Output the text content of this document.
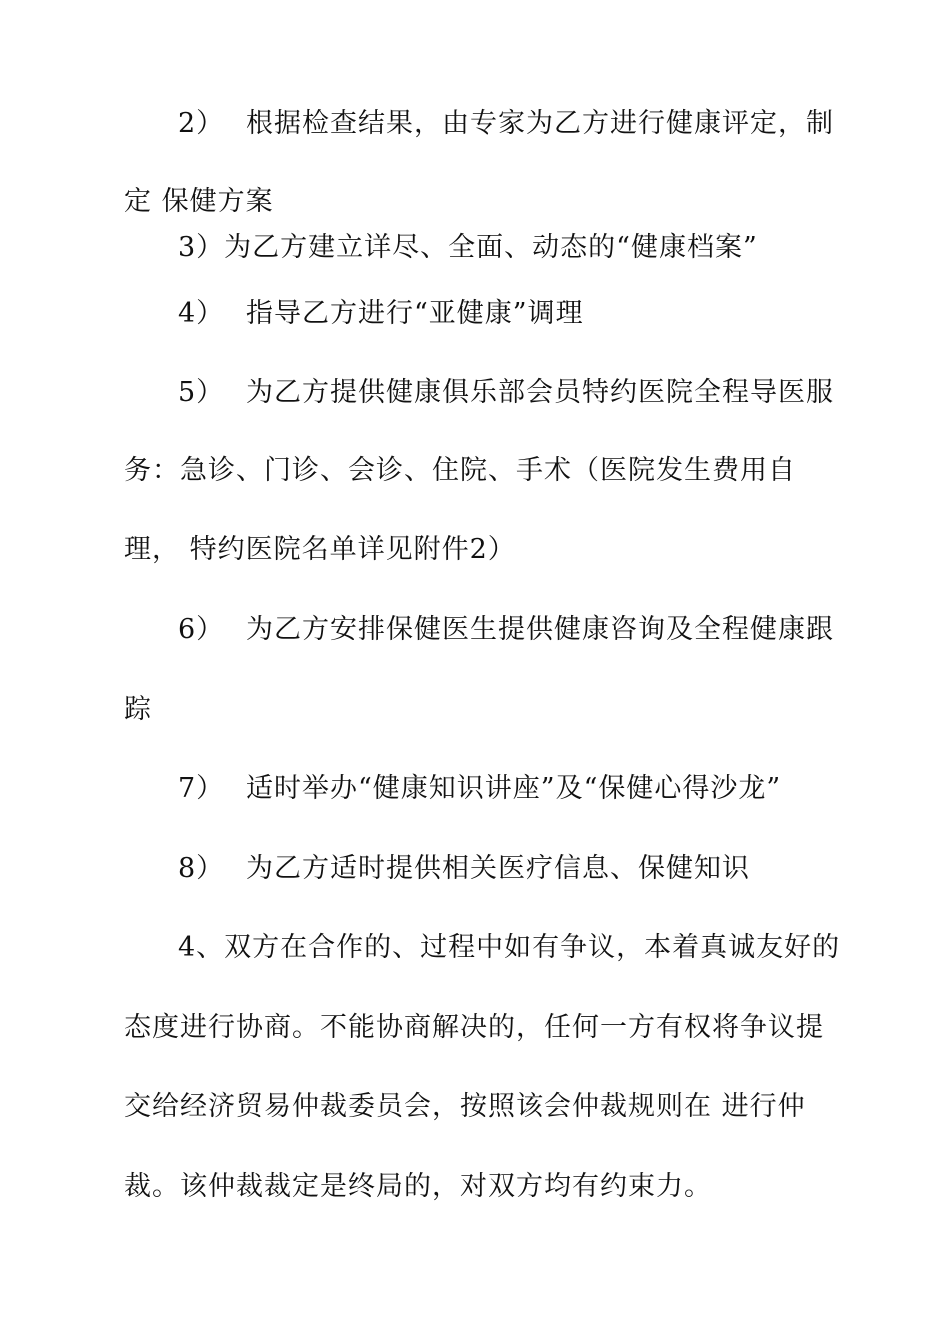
2） 根据检查结果，由专家为乙方进行健康评定，制
定 保健方案
3）为乙方建立详尽、全面、动态的“健康档案”
4） 指导乙方进行“亚健康”调理
5） 为乙方提供健康俱乐部会员特约医院全程导医服
务：急诊、门诊、会诊、住院、手术（医院发生费用自
理， 特约医院名单详见附件2）
6） 为乙方安排保健医生提供健康咨询及全程健康跟
踪
7） 适时举办“健康知识讲座”及“保健心得沙龙”
8） 为乙方适时提供相关医疗信息、保健知识
4、双方在合作的、过程中如有争议，本着真诚友好的
态度进行协商。不能协商解决的，任何一方有权将争议提
交给经济贸易仲裁委员会，按照该会仲裁规则在 进行仲
裁。该仲裁裁定是终局的，对双方均有约束力。
